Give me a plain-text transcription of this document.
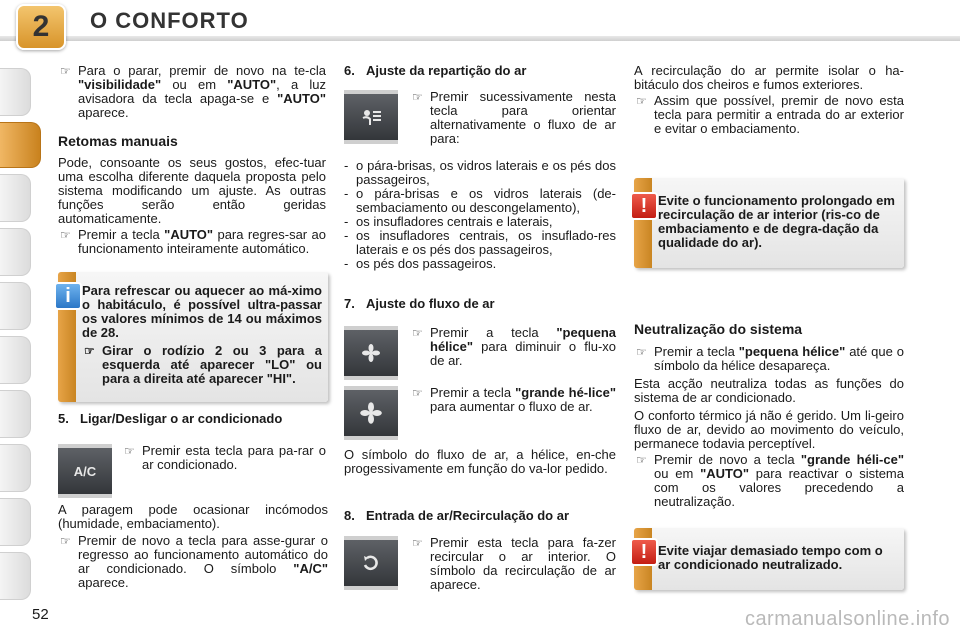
2	O CONFORTO

☞ Para o parar, premir de novo na te-cla "visibilidade" ou em "AUTO", a luz avisadora da tecla apaga-se e "AUTO" aparece.

Retomas manuais

Pode, consoante os seus gostos, efec-tuar uma escolha diferente daquela proposta pelo sistema modificando um ajuste. As outras funções serão então geridas automaticamente.

☞ Premir a tecla "AUTO" para regres-sar ao funcionamento inteiramente automático.

i Para refrescar ou aquecer ao má-ximo o habitáculo, é possível ultra-passar os valores mínimos de 14 ou máximos de 28.

☞ Girar o rodízio 2 ou 3 para a esquerda até aparecer "LO" ou para a direita até aparecer "HI".

5. Ligar/Desligar o ar condicionado
A/C

☞ Premir esta tecla para pa-rar o ar condicionado.

A paragem pode ocasionar incómodos (humidade, embaciamento).

☞ Premir de novo a tecla para asse-gurar o regresso ao funcionamento automático do ar condicionado. O símbolo "A/C" aparece.

6. Ajuste da repartição do ar

☞ Premir sucessivamente nesta tecla para orientar alternativamente o fluxo de ar para:

- o pára-brisas, os vidros laterais e os pés dos passageiros,

- o pára-brisas e os vidros laterais (de-sembaciamento ou descongelamento),

- os insufladores centrais e laterais,

- os insufladores centrais, os insuflado-res laterais e os pés dos passageiros,

- os pés dos passageiros.

7. Ajuste do fluxo de ar

☞ Premir a tecla "pequena hélice" para diminuir o flu-xo de ar.

☞ Premir a tecla "grande hé-lice" para aumentar o fluxo de ar.

O símbolo do fluxo de ar, a hélice, en-che progessivamente em função do va-lor pedido.

8. Entrada de ar/Recirculação do ar

☞ Premir esta tecla para fa-zer recircular o ar interior. O símbolo da recirculação de ar aparece.

A recirculação do ar permite isolar o ha-bitáculo dos cheiros e fumos exteriores.

☞ Assim que possível, premir de novo esta tecla para permitir a entrada do ar exterior e evitar o embaciamento.

! Evite o funcionamento prolongado em recirculação de ar interior (ris-co de embaciamento e de degra-dação da qualidade do ar).
Neutralização do sistema

☞ Premir a tecla "pequena hélice" até que o símbolo da hélice desapareça.

Esta acção neutraliza todas as funções do sistema de ar condicionado.

O conforto térmico já não é gerido. Um li-geiro fluxo de ar, devido ao movimento do veículo, permanece todavia perceptível.

☞ Premir de novo a tecla "grande héli-ce" ou em "AUTO" para reactivar o sistema com os valores precedendo a neutralização.

! Evite viajar demasiado tempo com o ar condicionado neutralizado.
52	carmanualsonline.info
